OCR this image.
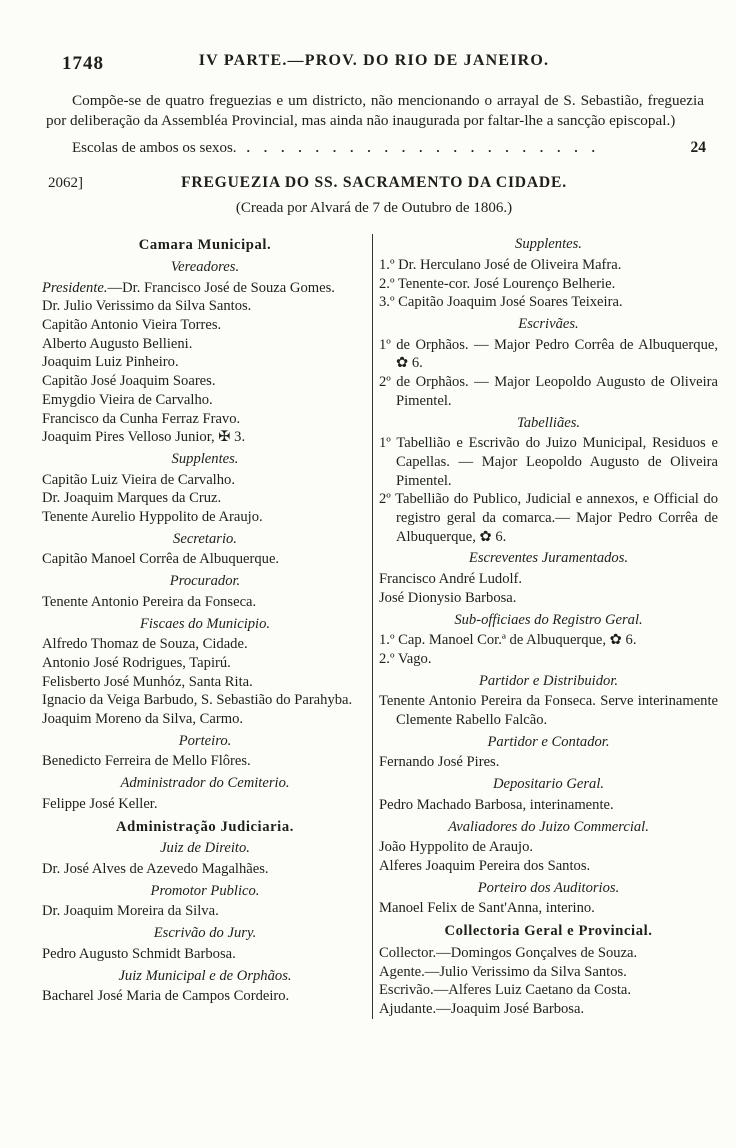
1748	IV PARTE.—PROV. DO RIO DE JANEIRO.

Compõe-se de quatro freguezias e um districto, não mencionando o arrayal de S. Sebastião, freguezia por deliberação da Assembléa Provincial, mas ainda não inaugurada por faltar-lhe a sancção episcopal.)

Escolas de ambos os sexos. .....................	24
2062]	FREGUEZIA DO SS. SACRAMENTO DA CIDADE.
(Creada por Alvará de 7 de Outubro de 1806.)
Camara Municipal.
Vereadores.
Presidente.—Dr. Francisco José de Souza Gomes.
Dr. Julio Verissimo da Silva Santos.
Capitão Antonio Vieira Torres.
Alberto Augusto Bellieni.
Joaquim Luiz Pinheiro.
Capitão José Joaquim Soares.
Emygdio Vieira de Carvalho.
Francisco da Cunha Ferraz Fravo.
Joaquim Pires Velloso Junior, ✠ 3.
Supplentes.
Capitão Luiz Vieira de Carvalho.
Dr. Joaquim Marques da Cruz.
Tenente Aurelio Hyppolito de Araujo.
Secretario.
Capitão Manoel Corrêa de Albuquerque.
Procurador.
Tenente Antonio Pereira da Fonseca.
Fiscaes do Municipio.
Alfredo Thomaz de Souza, Cidade.
Antonio José Rodrigues, Tapirú.
Felisberto José Munhóz, Santa Rita.
Ignacio da Veiga Barbudo, S. Sebastião do Parahyba.
Joaquim Moreno da Silva, Carmo.
Porteiro.
Benedicto Ferreira de Mello Flôres.
Administrador do Cemiterio.
Felippe José Keller.
Administração Judiciaria.
Juiz de Direito.
Dr. José Alves de Azevedo Magalhães.
Promotor Publico.
Dr. Joaquim Moreira da Silva.
Escrivão do Jury.
Pedro Augusto Schmidt Barbosa.
Juiz Municipal e de Orphãos.
Bacharel José Maria de Campos Cordeiro.
Supplentes.
1.º Dr. Herculano José de Oliveira Mafra.
2.º Tenente-cor. José Lourenço Belherie.
3.º Capitão Joaquim José Soares Teixeira.
Escrivães.
1º de Orphãos. — Major Pedro Corrêa de Albuquerque, ✿ 6.
2º de Orphãos. — Major Leopoldo Augusto de Oliveira Pimentel.
Tabelliães.
1º Tabellião e Escrivão do Juizo Municipal, Residuos e Capellas. — Major Leopoldo Augusto de Oliveira Pimentel.
2º Tabellião do Publico, Judicial e annexos, e Official do registro geral da comarca.— Major Pedro Corrêa de Albuquerque, ✿ 6.
Escreventes Juramentados.
Francisco André Ludolf.
José Dionysio Barbosa.
Sub-officiaes do Registro Geral.
1.º Cap. Manoel Cor.ª de Albuquerque, ✿ 6.
2.º Vago.
Partidor e Distribuidor.
Tenente Antonio Pereira da Fonseca. Serve interinamente Clemente Rabello Falcão.
Partidor e Contador.
Fernando José Pires.
Depositario Geral.
Pedro Machado Barbosa, interinamente.
Avaliadores do Juizo Commercial.
João Hyppolito de Araujo.
Alferes Joaquim Pereira dos Santos.
Porteiro dos Auditorios.
Manoel Felix de Sant'Anna, interino.
Collectoria Geral e Provincial.
Collector.—Domingos Gonçalves de Souza.
Agente.—Julio Verissimo da Silva Santos.
Escrivão.—Alferes Luiz Caetano da Costa.
Ajudante.—Joaquim José Barbosa.
